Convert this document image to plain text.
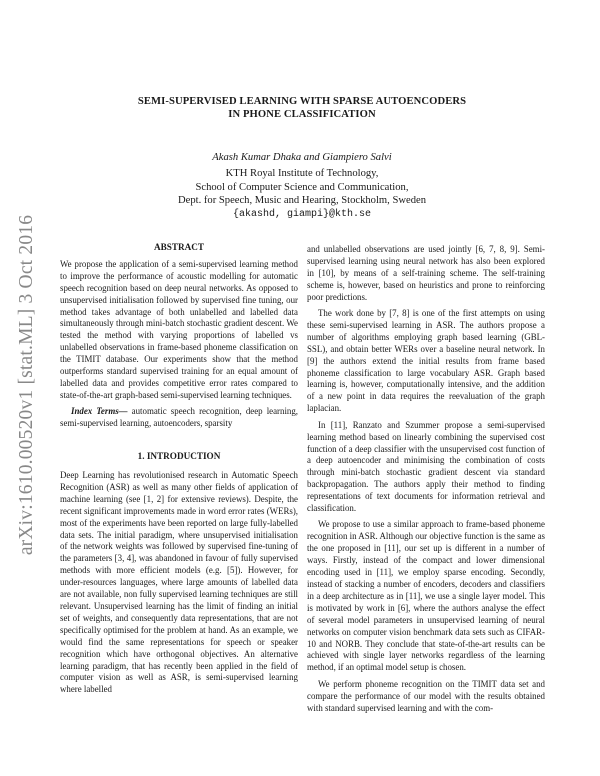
arXiv:1610.00520v1 [stat.ML] 3 Oct 2016
SEMI-SUPERVISED LEARNING WITH SPARSE AUTOENCODERS
IN PHONE CLASSIFICATION
Akash Kumar Dhaka and Giampiero Salvi
KTH Royal Institute of Technology,
School of Computer Science and Communication,
Dept. for Speech, Music and Hearing, Stockholm, Sweden
{akashd, giampi}@kth.se
ABSTRACT

We propose the application of a semi-supervised learning method to improve the performance of acoustic modelling for automatic speech recognition based on deep neural networks. As opposed to unsupervised initialisation followed by supervised fine tuning, our method takes advantage of both unlabelled and labelled data simultaneously through mini-batch stochastic gradient descent. We tested the method with varying proportions of labelled vs unlabelled observations in frame-based phoneme classification on the TIMIT database. Our experiments show that the method outperforms standard supervised training for an equal amount of labelled data and provides competitive error rates compared to state-of-the-art graph-based semi-supervised learning techniques.

Index Terms— automatic speech recognition, deep learning, semi-supervised learning, autoencoders, sparsity

1. INTRODUCTION

Deep Learning has revolutionised research in Automatic Speech Recognition (ASR) as well as many other fields of application of machine learning (see [1, 2] for extensive reviews). Despite, the recent significant improvements made in word error rates (WERs), most of the experiments have been reported on large fully-labelled data sets. The initial paradigm, where unsupervised initialisation of the network weights was followed by supervised fine-tuning of the parameters [3, 4], was abandoned in favour of fully supervised methods with more efficient models (e.g. [5]). However, for under-resources languages, where large amounts of labelled data are not available, non fully supervised learning techniques are still relevant. Unsupervised learning has the limit of finding an initial set of weights, and consequently data representations, that are not specifically optimised for the problem at hand. As an example, we would find the same representations for speech or speaker recognition which have orthogonal objectives. An alternative learning paradigm, that has recently been applied in the field of computer vision as well as ASR, is semi-supervised learning where labelled

and unlabelled observations are used jointly [6, 7, 8, 9]. Semi-supervised learning using neural network has also been explored in [10], by means of a self-training scheme. The self-training scheme is, however, based on heuristics and prone to reinforcing poor predictions.

The work done by [7, 8] is one of the first attempts on using these semi-supervised learning in ASR. The authors propose a number of algorithms employing graph based learning (GBL-SSL), and obtain better WERs over a baseline neural network. In [9] the authors extend the initial results from frame based phoneme classification to large vocabulary ASR. Graph based learning is, however, computationally intensive, and the addition of a new point in data requires the reevaluation of the graph laplacian.

In [11], Ranzato and Szummer propose a semi-supervised learning method based on linearly combining the supervised cost function of a deep classifier with the unsupervised cost function of a deep autoencoder and minimising the combination of costs through mini-batch stochastic gradient descent via standard backpropagation. The authors apply their method to finding representations of text documents for information retrieval and classification.

We propose to use a similar approach to frame-based phoneme recognition in ASR. Although our objective function is the same as the one proposed in [11], our set up is different in a number of ways. Firstly, instead of the compact and lower dimensional encoding used in [11], we employ sparse encoding. Secondly, instead of stacking a number of encoders, decoders and classifiers in a deep architecture as in [11], we use a single layer model. This is motivated by work in [6], where the authors analyse the effect of several model parameters in unsupervised learning of neural networks on computer vision benchmark data sets such as CIFAR-10 and NORB. They conclude that state-of-the-art results can be achieved with single layer networks regardless of the learning method, if an optimal model setup is chosen.

We perform phoneme recognition on the TIMIT data set and compare the performance of our model with the results obtained with standard supervised learning and with the com-
